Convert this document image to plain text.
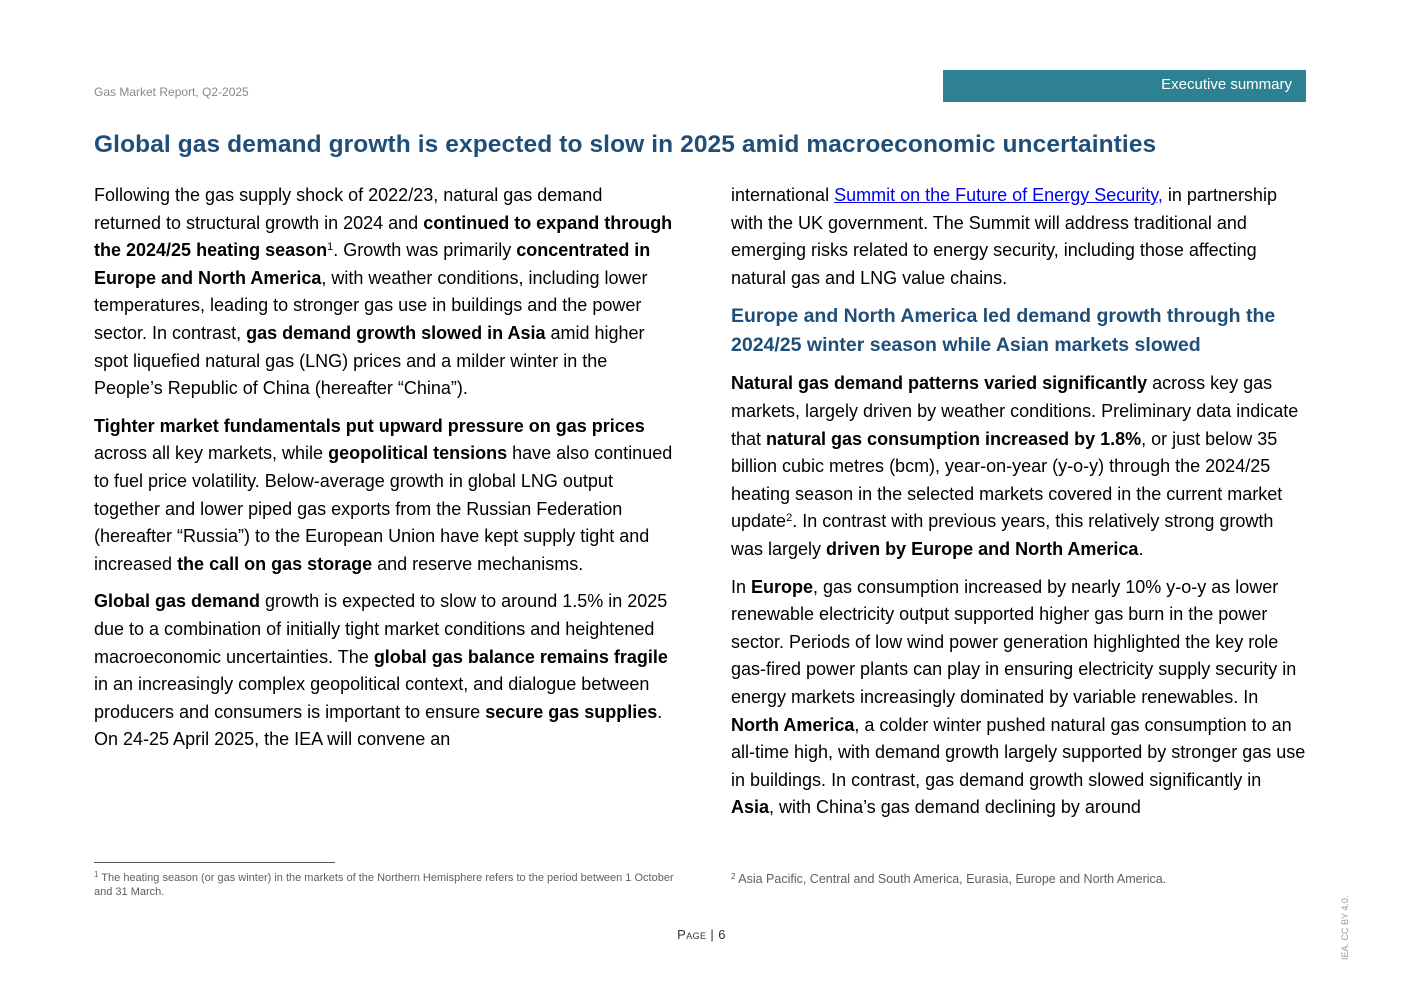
Gas Market Report, Q2-2025	Executive summary
Global gas demand growth is expected to slow in 2025 amid macroeconomic uncertainties

Following the gas supply shock of 2022/23, natural gas demand returned to structural growth in 2024 and continued to expand through the 2024/25 heating season$^1$. Growth was primarily concentrated in Europe and North America, with weather conditions, including lower temperatures, leading to stronger gas use in buildings and the power sector. In contrast, gas demand growth slowed in Asia amid higher spot liquefied natural gas (LNG) prices and a milder winter in the People’s Republic of China (hereafter “China”).

Tighter market fundamentals put upward pressure on gas prices across all key markets, while geopolitical tensions have also continued to fuel price volatility. Below-average growth in global LNG output together and lower piped gas exports from the Russian Federation (hereafter “Russia”) to the European Union have kept supply tight and increased the call on gas storage and reserve mechanisms.

Global gas demand growth is expected to slow to around 1.5% in 2025 due to a combination of initially tight market conditions and heightened macroeconomic uncertainties. The global gas balance remains fragile in an increasingly complex geopolitical context, and dialogue between producers and consumers is important to ensure secure gas supplies. On 24-25 April 2025, the IEA will convene an

international Summit on the Future of Energy Security, in partnership with the UK government. The Summit will address traditional and emerging risks related to energy security, including those affecting natural gas and LNG value chains.

Europe and North America led demand growth through the 2024/25 winter season while Asian markets slowed

Natural gas demand patterns varied significantly across key gas markets, largely driven by weather conditions. Preliminary data indicate that natural gas consumption increased by 1.8%, or just below 35 billion cubic metres (bcm), year-on-year (y-o-y) through the 2024/25 heating season in the selected markets covered in the current market update$^2$. In contrast with previous years, this relatively strong growth was largely driven by Europe and North America.

In Europe, gas consumption increased by nearly 10% y-o-y as lower renewable electricity output supported higher gas burn in the power sector. Periods of low wind power generation highlighted the key role gas-fired power plants can play in ensuring electricity supply security in energy markets increasingly dominated by variable renewables. In North America, a colder winter pushed natural gas consumption to an all-time high, with demand growth largely supported by stronger gas use in buildings. In contrast, gas demand growth slowed significantly in Asia, with China’s gas demand declining by around

$^1$ The heating season (or gas winter) in the markets of the Northern Hemisphere refers to the period between 1 October and 31 March.
$^2$ Asia Pacific, Central and South America, Eurasia, Europe and North America.
Page | 6	IEA. CC BY 4.0.
